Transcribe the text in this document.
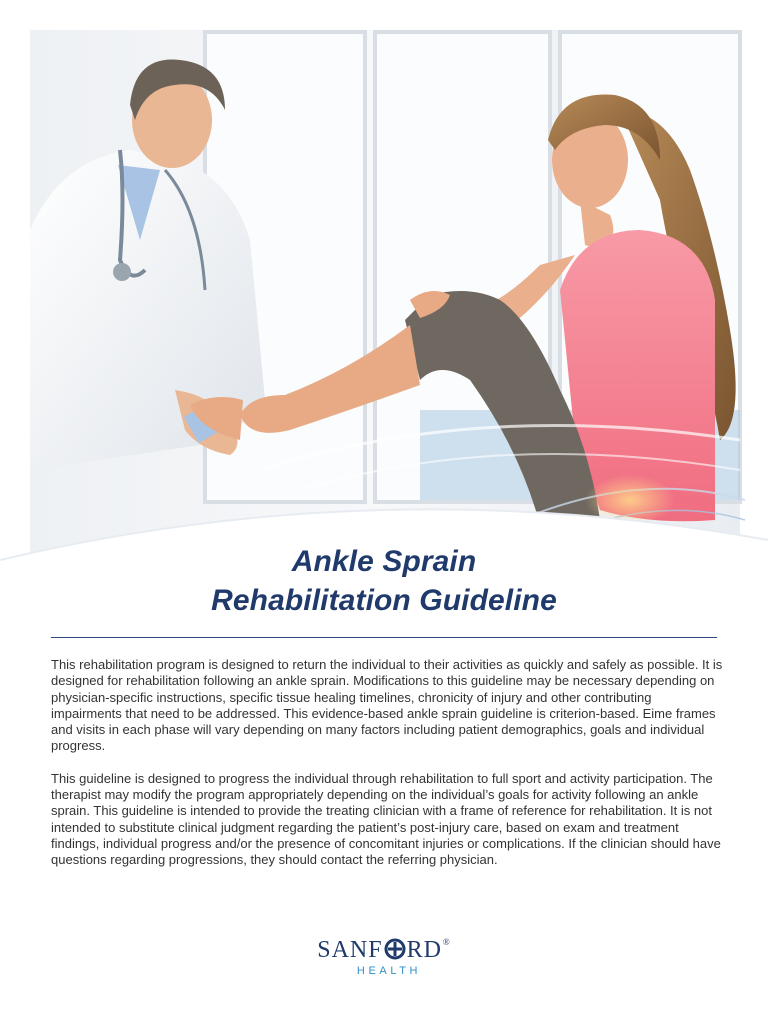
Ankle Sprain
Rehabilitation Guideline

This rehabilitation program is designed to return the individual to their activities as quickly and safely as possible. It is designed for rehabilitation following an ankle sprain. Modifications to this guideline may be necessary depending on physician-specific instructions, specific tissue healing timelines, chronicity of injury and other contributing impairments that need to be addressed. This evidence-based ankle sprain guideline is criterion-based. Eime frames and visits in each phase will vary depending on many factors including patient demographics, goals and individual progress.

This guideline is designed to progress the individual through rehabilitation to full sport and activity participation. The therapist may modify the program appropriately depending on the individual’s goals for activity following an ankle sprain. This guideline is intended to provide the treating clinician with a frame of reference for rehabilitation. It is not intended to substitute clinical judgment regarding the patient’s post-injury care, based on exam and treatment findings, individual progress and/or the presence of concomitant injuries or complications. If the clinician should have questions regarding progressions, they should contact the referring physician.

SANF RD®
HEALTH
